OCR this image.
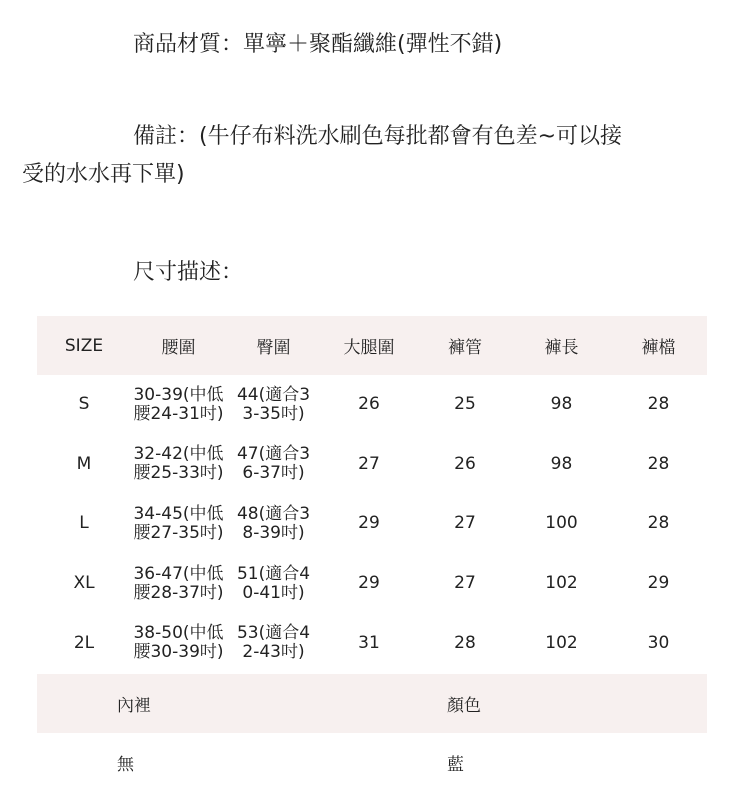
商品材質：單寧＋聚酯纖維(彈性不錯)
備註：(牛仔布料洗水刷色每批都會有色差~可以接
受的水水再下單)
尺寸描述：
SIZE	腰圍	臀圍	大腿圍	褲管	褲長	褲檔
S	30-39(中低腰24-31吋)	44(適合33-35吋)	26	25	98	28
M	32-42(中低腰25-33吋)	47(適合36-37吋)	27	26	98	28
L	34-45(中低腰27-35吋)	48(適合38-39吋)	29	27	100	28
XL	36-47(中低腰28-37吋)	51(適合40-41吋)	29	27	102	29
2L	38-50(中低腰30-39吋)	53(適合42-43吋)	31	28	102	30
內裡	顏色
無	藍
